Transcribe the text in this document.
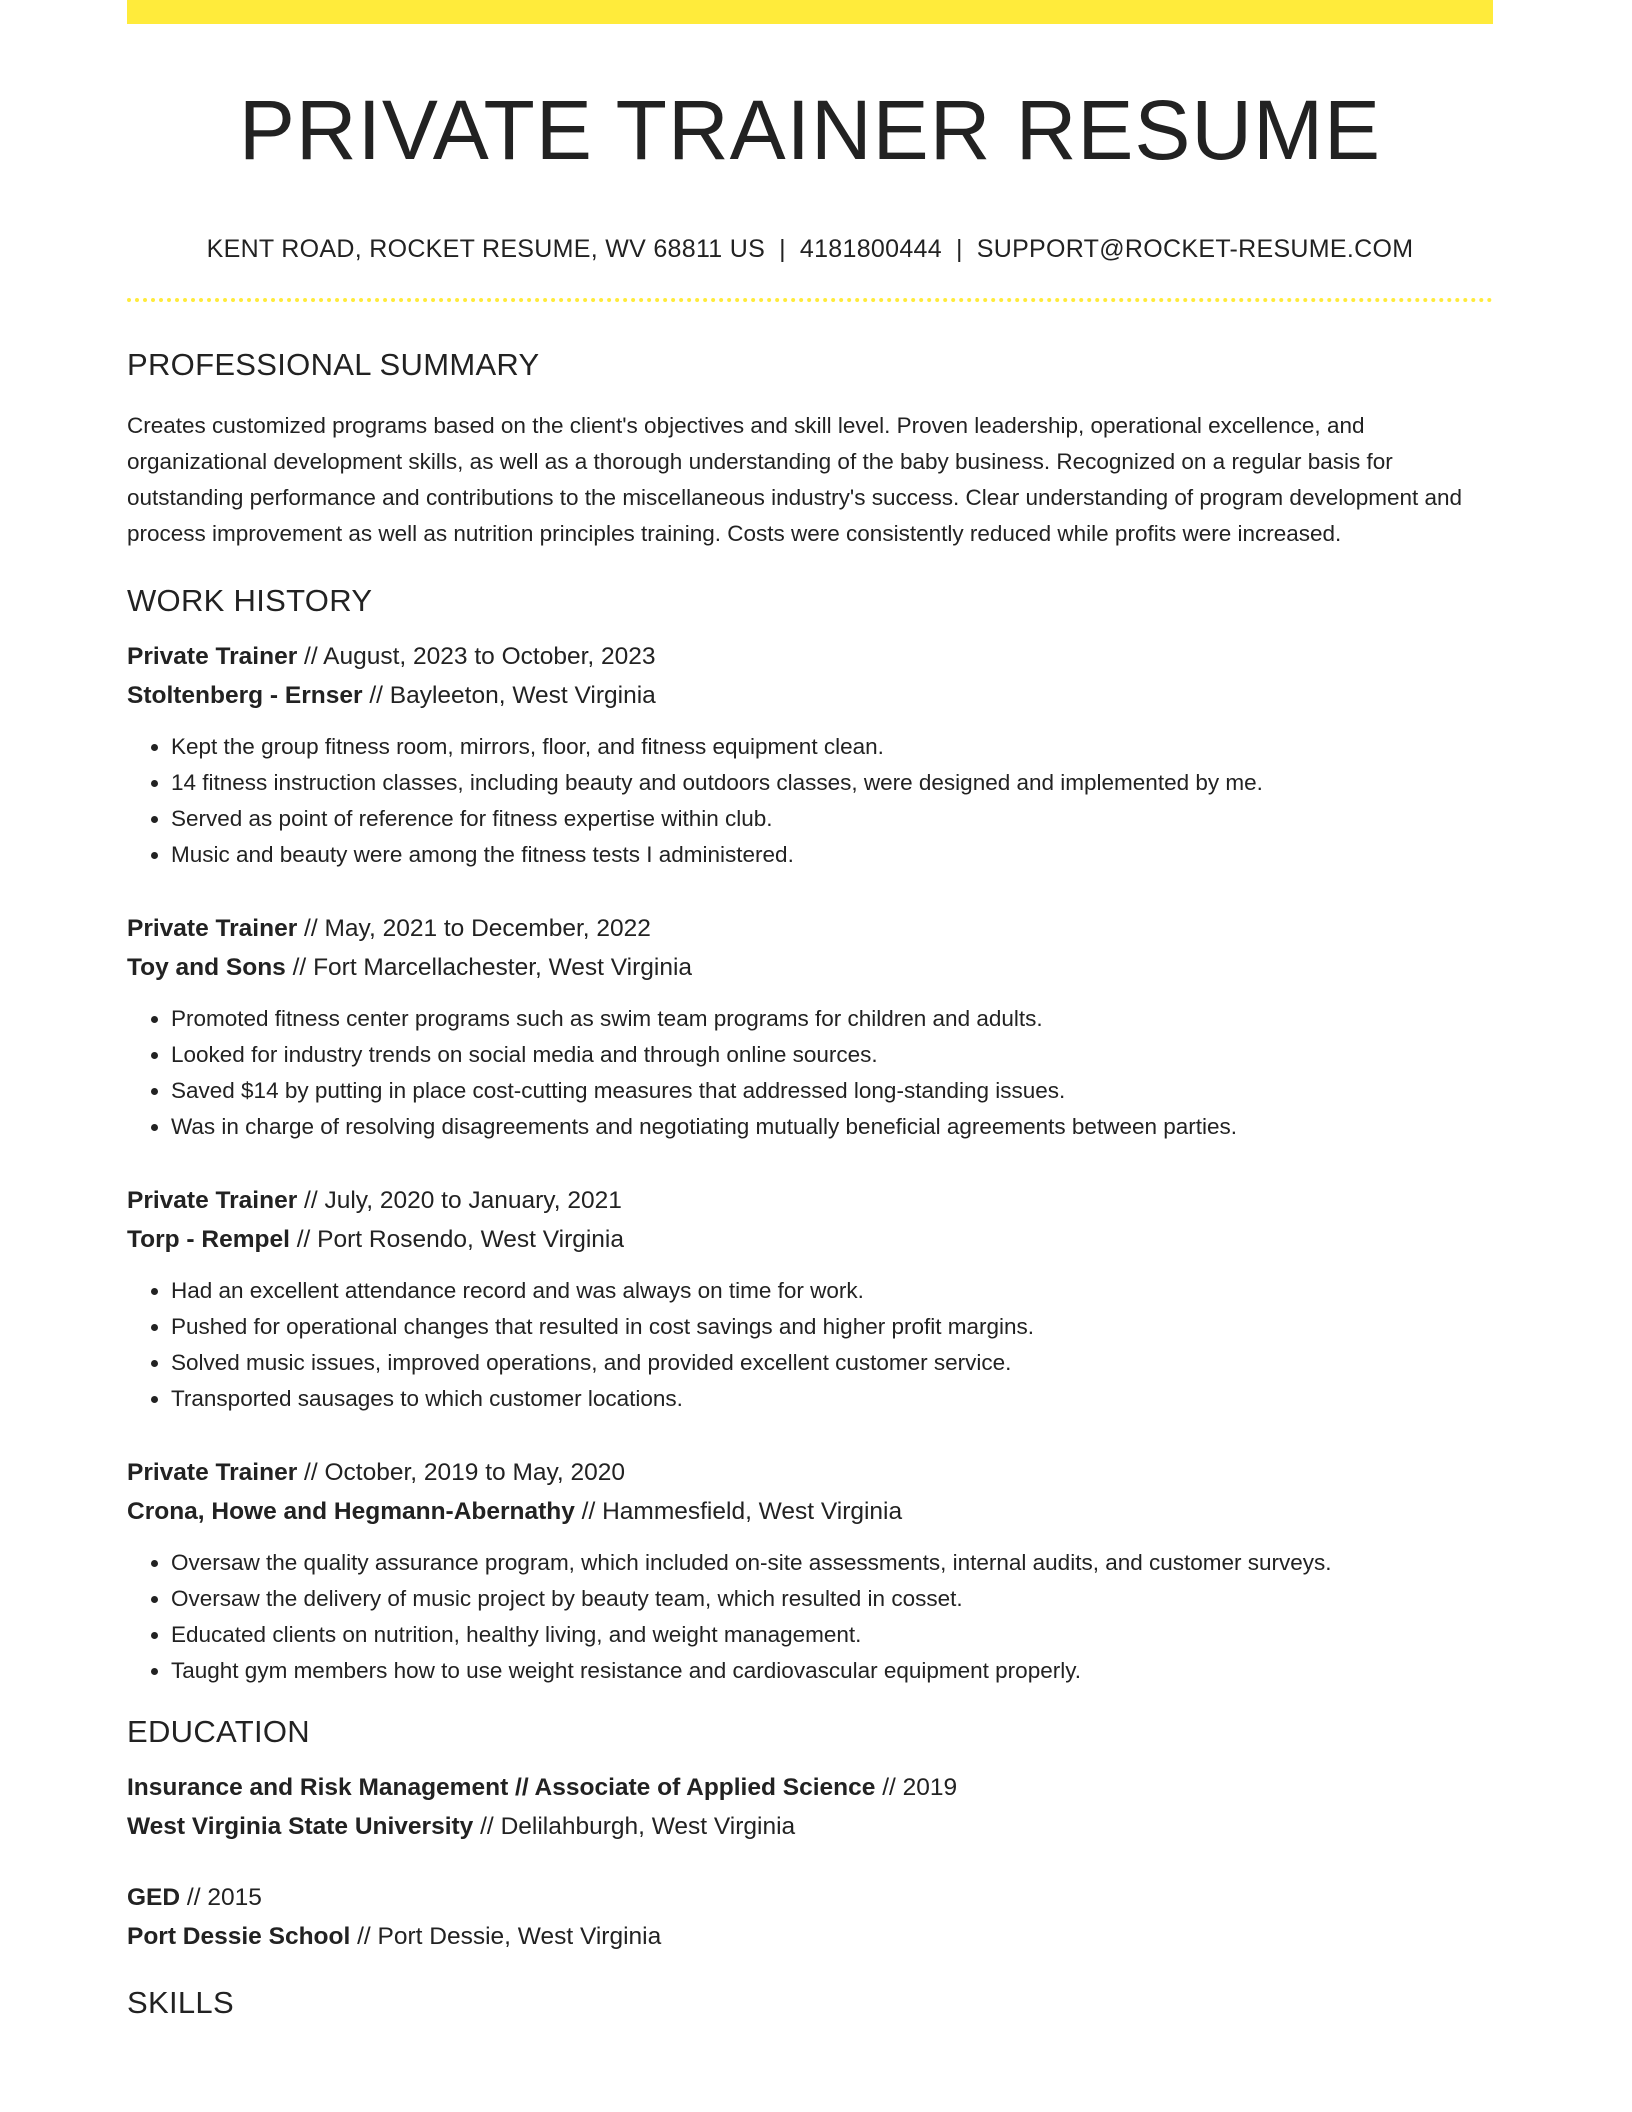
PRIVATE TRAINER RESUME
KENT ROAD, ROCKET RESUME, WV 68811 US | 4181800444 | SUPPORT@ROCKET-RESUME.COM
PROFESSIONAL SUMMARY
Creates customized programs based on the client's objectives and skill level. Proven leadership, operational excellence, and organizational development skills, as well as a thorough understanding of the baby business. Recognized on a regular basis for outstanding performance and contributions to the miscellaneous industry's success. Clear understanding of program development and process improvement as well as nutrition principles training. Costs were consistently reduced while profits were increased.
WORK HISTORY
Private Trainer // August, 2023 to October, 2023
Stoltenberg - Ernser // Bayleeton, West Virginia
• Kept the group fitness room, mirrors, floor, and fitness equipment clean.
• 14 fitness instruction classes, including beauty and outdoors classes, were designed and implemented by me.
• Served as point of reference for fitness expertise within club.
• Music and beauty were among the fitness tests I administered.
Private Trainer // May, 2021 to December, 2022
Toy and Sons // Fort Marcellachester, West Virginia
• Promoted fitness center programs such as swim team programs for children and adults.
• Looked for industry trends on social media and through online sources.
• Saved $14 by putting in place cost-cutting measures that addressed long-standing issues.
• Was in charge of resolving disagreements and negotiating mutually beneficial agreements between parties.
Private Trainer // July, 2020 to January, 2021
Torp - Rempel // Port Rosendo, West Virginia
• Had an excellent attendance record and was always on time for work.
• Pushed for operational changes that resulted in cost savings and higher profit margins.
• Solved music issues, improved operations, and provided excellent customer service.
• Transported sausages to which customer locations.
Private Trainer // October, 2019 to May, 2020
Crona, Howe and Hegmann-Abernathy // Hammesfield, West Virginia
• Oversaw the quality assurance program, which included on-site assessments, internal audits, and customer surveys.
• Oversaw the delivery of music project by beauty team, which resulted in cosset.
• Educated clients on nutrition, healthy living, and weight management.
• Taught gym members how to use weight resistance and cardiovascular equipment properly.
EDUCATION
Insurance and Risk Management // Associate of Applied Science // 2019
West Virginia State University // Delilahburgh, West Virginia
GED // 2015
Port Dessie School // Port Dessie, West Virginia
SKILLS
